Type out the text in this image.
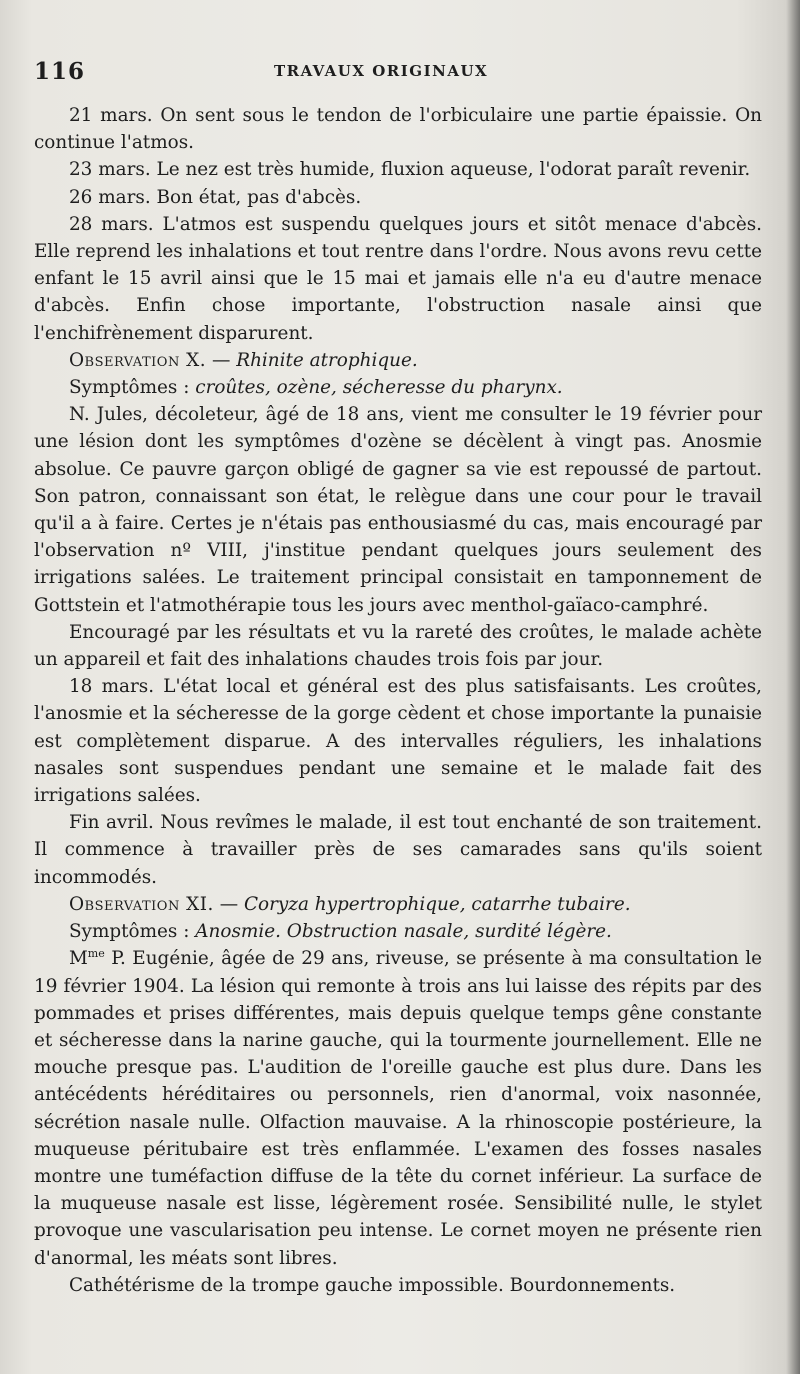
116	TRAVAUX ORIGINAUX

21 mars. On sent sous le tendon de l'orbiculaire une partie épaissie. On continue l'atmos.

23 mars. Le nez est très humide, fluxion aqueuse, l'odorat paraît revenir.

26 mars. Bon état, pas d'abcès.

28 mars. L'atmos est suspendu quelques jours et sitôt menace d'abcès. Elle reprend les inhalations et tout rentre dans l'ordre. Nous avons revu cette enfant le 15 avril ainsi que le 15 mai et jamais elle n'a eu d'autre menace d'abcès. Enfin chose importante, l'obstruction nasale ainsi que l'enchifrènement disparurent.

Observation X. — Rhinite atrophique.

Symptômes : croûtes, ozène, sécheresse du pharynx.

N. Jules, décoleteur, âgé de 18 ans, vient me consulter le 19 février pour une lésion dont les symptômes d'ozène se décèlent à vingt pas. Anosmie absolue. Ce pauvre garçon obligé de gagner sa vie est repoussé de partout. Son patron, connaissant son état, le relègue dans une cour pour le travail qu'il a à faire. Certes je n'étais pas enthousiasmé du cas, mais encouragé par l'observation nº VIII, j'institue pendant quelques jours seulement des irrigations salées. Le traitement principal consistait en tamponnement de Gottstein et l'atmothérapie tous les jours avec menthol-gaïaco-camphré.

Encouragé par les résultats et vu la rareté des croûtes, le malade achète un appareil et fait des inhalations chaudes trois fois par jour.

18 mars. L'état local et général est des plus satisfaisants. Les croûtes, l'anosmie et la sécheresse de la gorge cèdent et chose importante la punaisie est complètement disparue. A des intervalles réguliers, les inhalations nasales sont suspendues pendant une semaine et le malade fait des irrigations salées.

Fin avril. Nous revîmes le malade, il est tout enchanté de son traitement. Il commence à travailler près de ses camarades sans qu'ils soient incommodés.

Observation XI. — Coryza hypertrophique, catarrhe tubaire.

Symptômes : Anosmie. Obstruction nasale, surdité légère.

$M^{me}$ P. Eugénie, âgée de 29 ans, riveuse, se présente à ma consultation le 19 février 1904. La lésion qui remonte à trois ans lui laisse des répits par des pommades et prises différentes, mais depuis quelque temps gêne constante et sécheresse dans la narine gauche, qui la tourmente journellement. Elle ne mouche presque pas. L'audition de l'oreille gauche est plus dure. Dans les antécédents héréditaires ou personnels, rien d'anormal, voix nasonnée, sécrétion nasale nulle. Olfaction mauvaise. A la rhinoscopie postérieure, la muqueuse péritubaire est très enflammée. L'examen des fosses nasales montre une tuméfaction diffuse de la tête du cornet inférieur. La surface de la muqueuse nasale est lisse, légèrement rosée. Sensibilité nulle, le stylet provoque une vascularisation peu intense. Le cornet moyen ne présente rien d'anormal, les méats sont libres.

Cathétérisme de la trompe gauche impossible. Bourdonnements.
